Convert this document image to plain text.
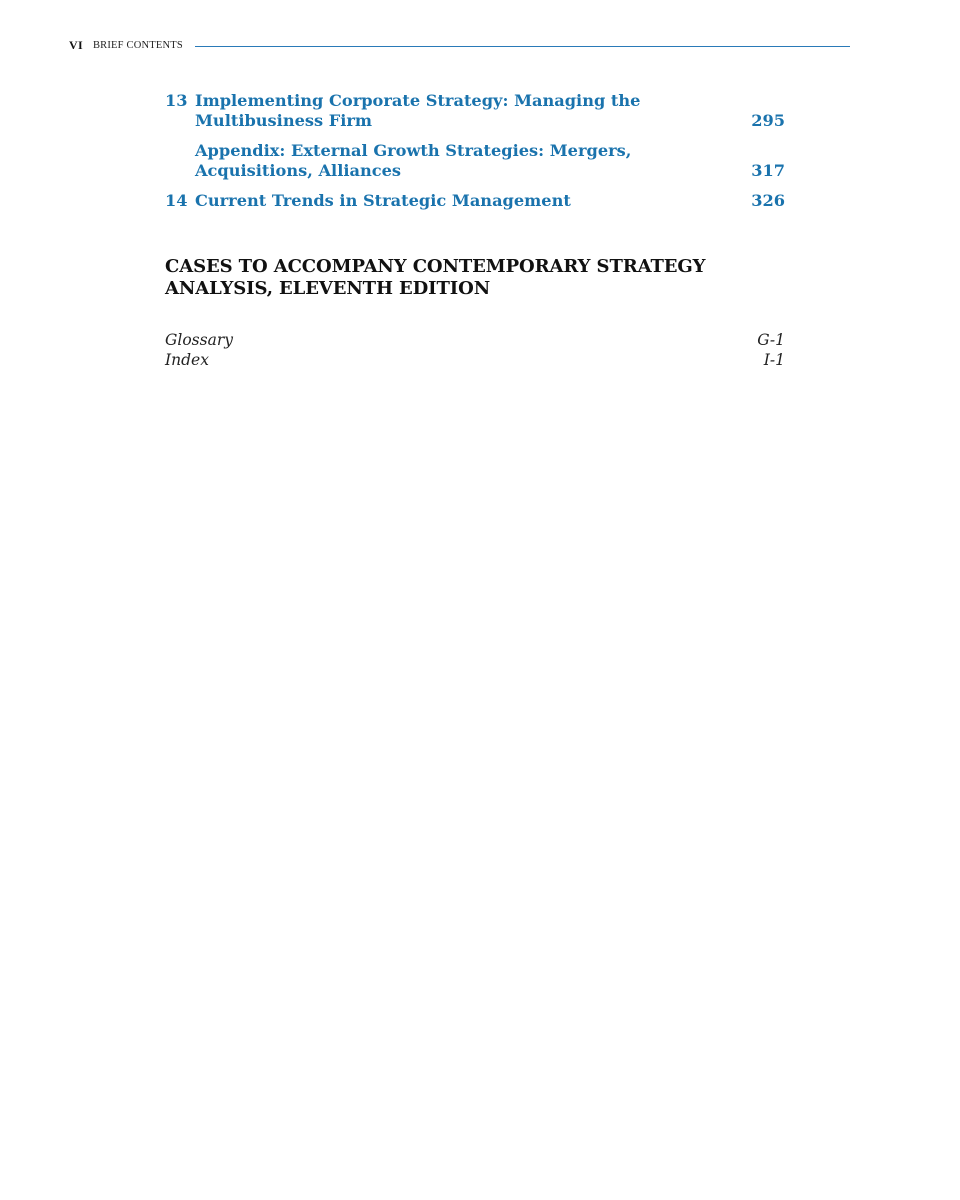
VI BRIEF CONTENTS
13 Implementing Corporate Strategy: Managing the Multibusiness Firm	295
Appendix: External Growth Strategies: Mergers, Acquisitions, Alliances	317
14 Current Trends in Strategic Management	326
CASES TO ACCOMPANY CONTEMPORARY STRATEGY ANALYSIS, ELEVENTH EDITION
Glossary	G-1
Index	I-1
